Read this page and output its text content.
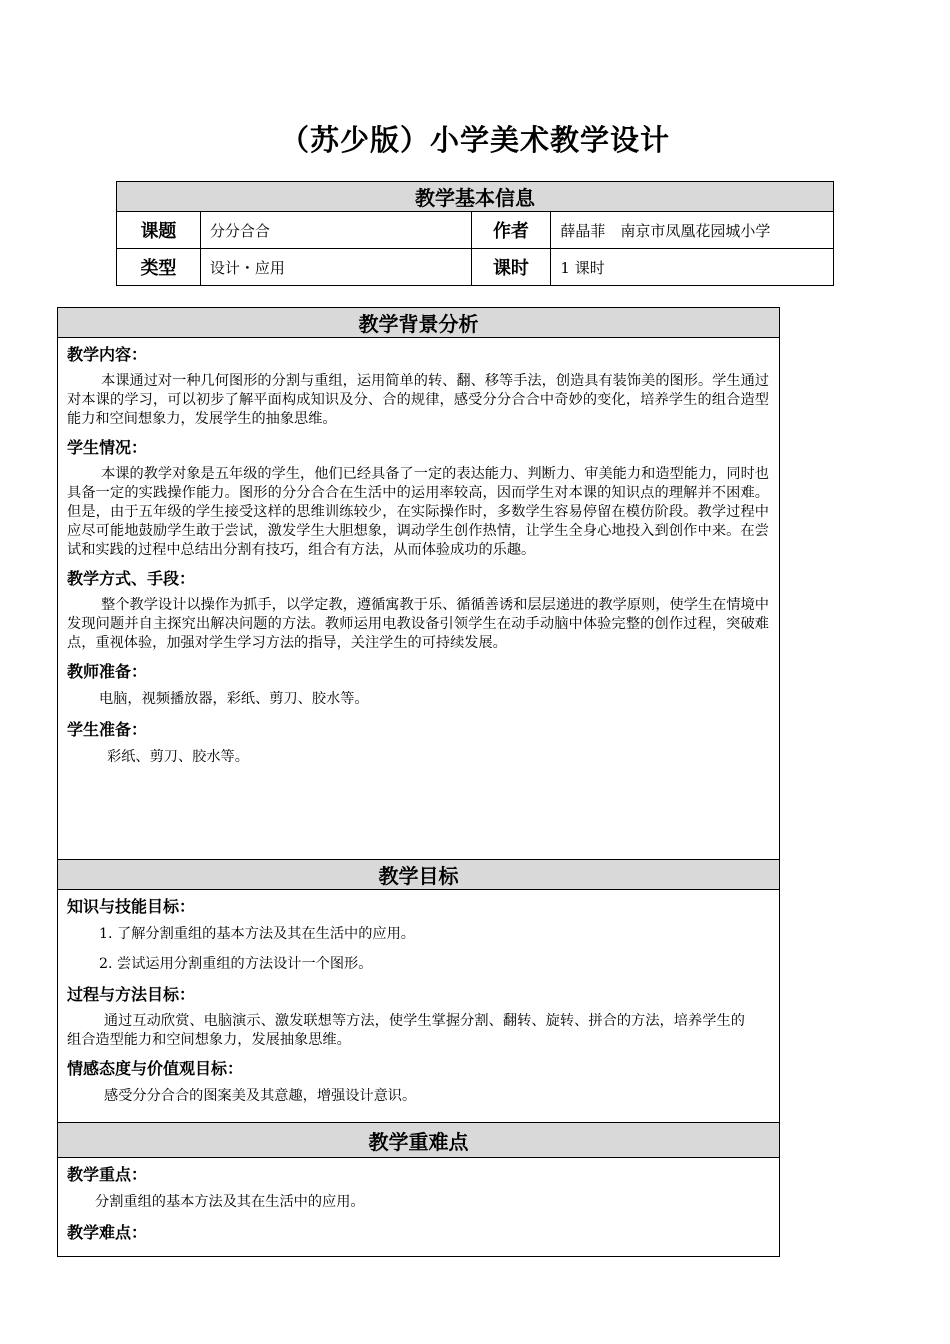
（苏少版）小学美术教学设计
教学基本信息			
课题	分分合合	作者	薛晶菲　南京市凤凰花园城小学
类型	设计・应用	课时	1 课时
教学背景分析

教学内容：

本课通过对一种几何图形的分割与重组，运用简单的转、翻、移等手法，创造具有装饰美的图形。学生通过对本课的学习，可以初步了解平面构成知识及分、合的规律，感受分分合合中奇妙的变化，培养学生的组合造型能力和空间想象力，发展学生的抽象思维。

学生情况：

本课的教学对象是五年级的学生，他们已经具备了一定的表达能力、判断力、审美能力和造型能力，同时也具备一定的实践操作能力。图形的分分合合在生活中的运用率较高，因而学生对本课的知识点的理解并不困难。但是，由于五年级的学生接受这样的思维训练较少，在实际操作时，多数学生容易停留在模仿阶段。教学过程中应尽可能地鼓励学生敢于尝试，激发学生大胆想象，调动学生创作热情，让学生全身心地投入到创作中来。在尝试和实践的过程中总结出分割有技巧，组合有方法，从而体验成功的乐趣。

教学方式、手段：

整个教学设计以操作为抓手，以学定教，遵循寓教于乐、循循善诱和层层递进的教学原则，使学生在情境中发现问题并自主探究出解决问题的方法。教师运用电教设备引领学生在动手动脑中体验完整的创作过程，突破难点，重视体验，加强对学生学习方法的指导，关注学生的可持续发展。

教师准备：

电脑，视频播放器，彩纸、剪刀、胶水等。

学生准备：

彩纸、剪刀、胶水等。

教学目标

知识与技能目标：

1. 了解分割重组的基本方法及其在生活中的应用。

2. 尝试运用分割重组的方法设计一个图形。

过程与方法目标：

通过互动欣赏、电脑演示、激发联想等方法，使学生掌握分割、翻转、旋转、拼合的方法，培养学生的组合造型能力和空间想象力，发展抽象思维。

情感态度与价值观目标：

感受分分合合的图案美及其意趣，增强设计意识。

教学重难点

教学重点：

分割重组的基本方法及其在生活中的应用。

教学难点：
